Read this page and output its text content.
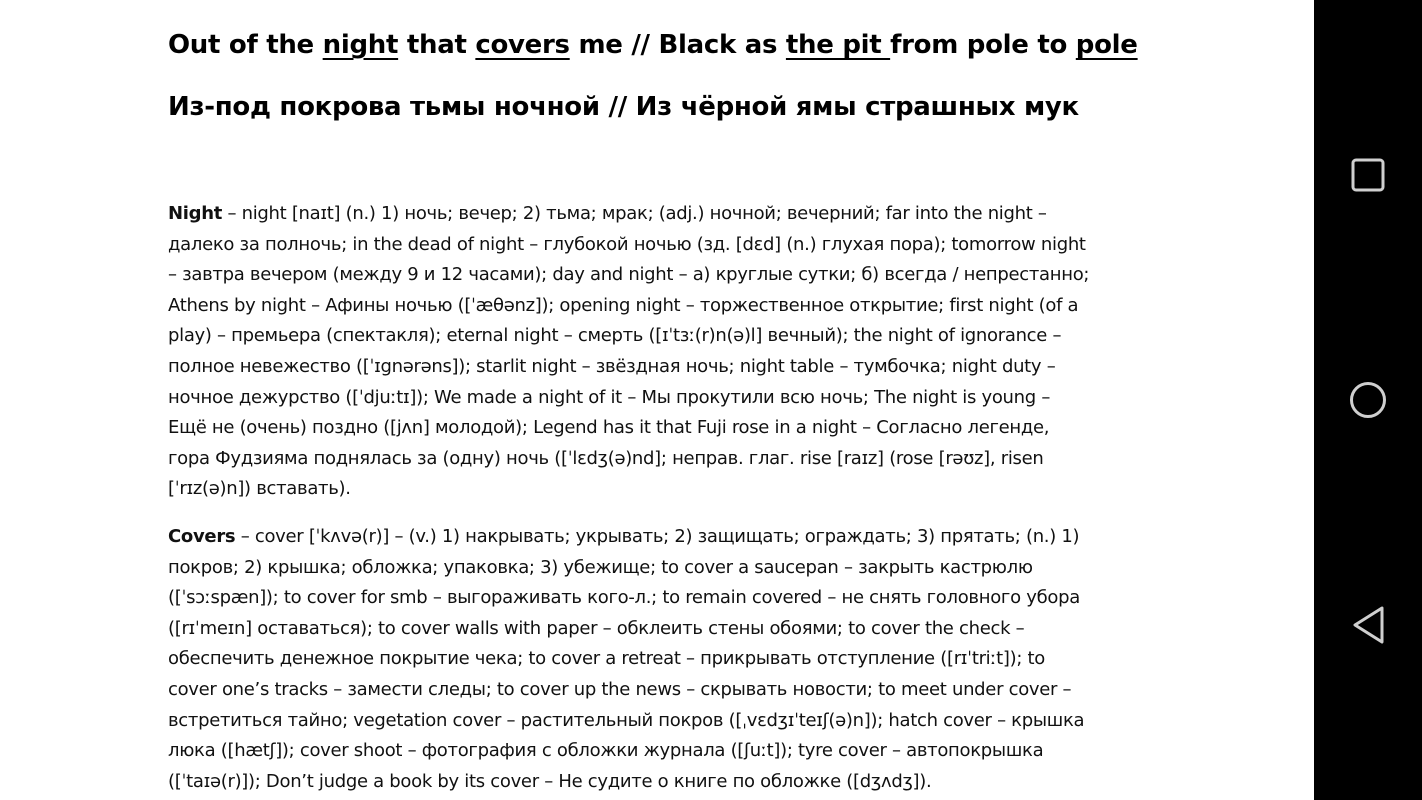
Out of the night that covers me // Black as the pit from pole to pole
Из-под покрова тьмы ночной // Из чёрной ямы страшных мук
Night – night [naɪt] (n.) 1) ночь; вечер; 2) тьма; мрак; (adj.) ночной; вечерний; far into the night –
далеко за полночь; in the dead of night – глубокой ночью (зд. [dɛd] (n.) глухая пора); tomorrow night
– завтра вечером (между 9 и 12 часами); day and night – а) круглые сутки; б) всегда / непрестанно;
Athens by night – Афины ночью ([ˈæθənz]); opening night – торжественное открытие; first night (of a
play) – премьера (спектакля); eternal night – смерть ([ɪˈtɜː(r)n(ə)l] вечный); the night of ignorance –
полное невежество ([ˈɪgnərəns]); starlit night – звёздная ночь; night table – тумбочка; night duty –
ночное дежурство ([ˈdjuːtɪ]); We made a night of it – Мы прокутили всю ночь; The night is young –
Ещё не (очень) поздно ([jʌn] молодой); Legend has it that Fuji rose in a night – Согласно легенде,
гора Фудзияма поднялась за (одну) ночь ([ˈlɛdʒ(ə)nd]; неправ. глаг. rise [raɪz] (rose [rəʊz], risen
[ˈrɪz(ə)n]) вставать).
Covers – cover [ˈkʌvə(r)] – (v.) 1) накрывать; укрывать; 2) защищать; ограждать; 3) прятать; (n.) 1)
покров; 2) крышка; обложка; упаковка; 3) убежище; to cover a saucepan – закрыть кастрюлю
([ˈsɔːspæn]); to cover for smb – выгораживать кого-л.; to remain covered – не снять головного убора
([rɪˈmeɪn] оставаться); to cover walls with paper – обклеить стены обоями; to cover the check –
обеспечить денежное покрытие чека; to cover a retreat – прикрывать отступление ([rɪˈtriːt]); to
cover one’s tracks – замести следы; to cover up the news – скрывать новости; to meet under cover –
встретиться тайно; vegetation cover – растительный покров ([ˌvɛdʒɪˈteɪʃ(ə)n]); hatch cover – крышка
люка ([hætʃ]); cover shoot – фотография с обложки журнала ([ʃuːt]); tyre cover – автопокрышка
([ˈtaɪə(r)]); Don’t judge a book by its cover – Не судите о книге по обложке ([dʒʌdʒ]).
